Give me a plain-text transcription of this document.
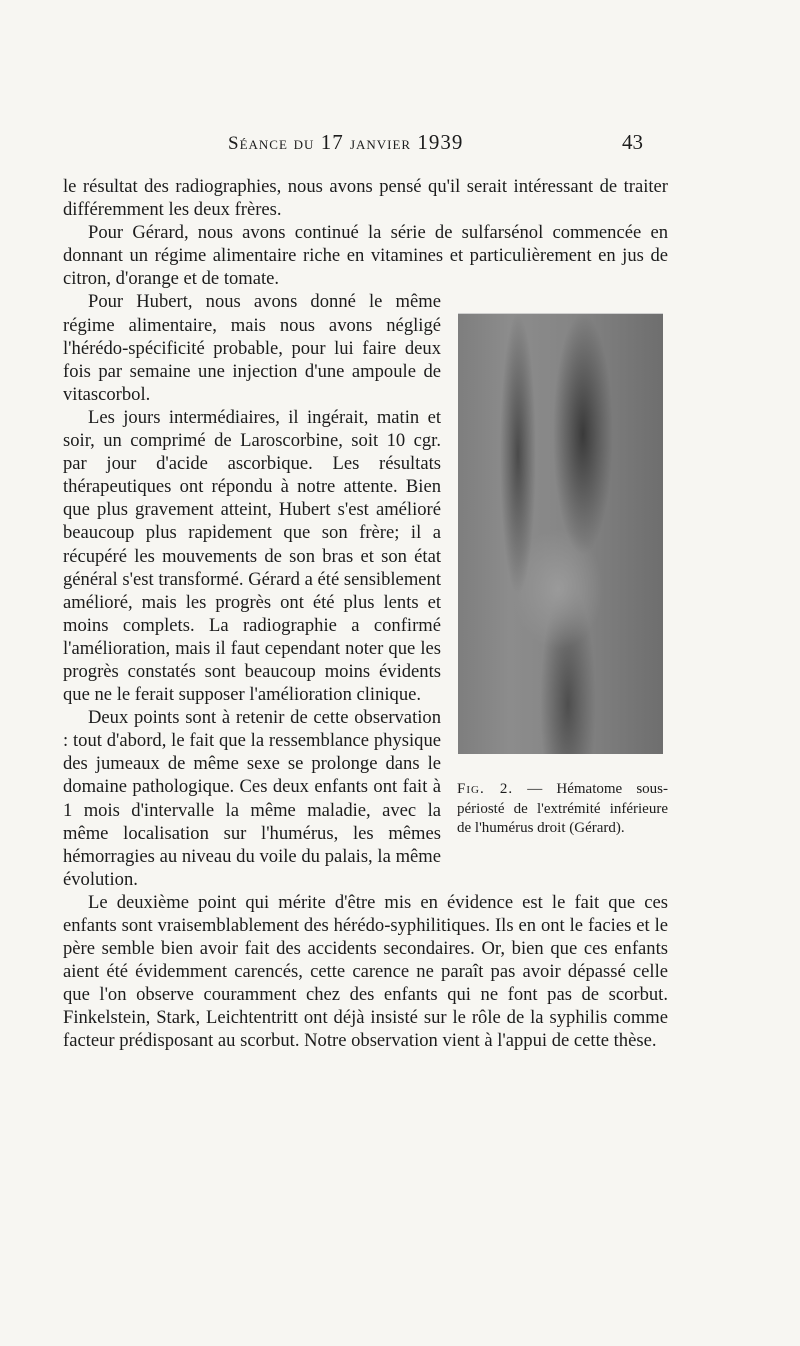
Séance du 17 janvier 1939	43

le résultat des radiographies, nous avons pensé qu'il serait intéressant de traiter différemment les deux frères.

Pour Gérard, nous avons continué la série de sulfarsénol commencée en donnant un régime alimentaire riche en vitamines et particulièrement en jus de citron, d'orange et de tomate.

Fig. 2. — Hématome sous-périosté de l'extrémité inférieure de l'humérus droit (Gérard).

Pour Hubert, nous avons donné le même régime alimentaire, mais nous avons négligé l'hérédo-spécificité probable, pour lui faire deux fois par semaine une injection d'une ampoule de vitascorbol.

Les jours intermédiaires, il ingérait, matin et soir, un comprimé de Laroscorbine, soit 10 cgr. par jour d'acide ascorbique. Les résultats thérapeutiques ont répondu à notre attente. Bien que plus gravement atteint, Hubert s'est amélioré beaucoup plus rapidement que son frère; il a récupéré les mouvements de son bras et son état général s'est transformé. Gérard a été sensiblement amélioré, mais les progrès ont été plus lents et moins complets. La radiographie a confirmé l'amélioration, mais il faut cependant noter que les progrès constatés sont beaucoup moins évidents que ne le ferait supposer l'amélioration clinique.

Deux points sont à retenir de cette observation : tout d'abord, le fait que la ressemblance physique des jumeaux de même sexe se prolonge dans le domaine pathologique. Ces deux enfants ont fait à 1 mois d'intervalle la même maladie, avec la même localisation sur l'humérus, les mêmes hémorragies au niveau du voile du palais, la même évolution.

Le deuxième point qui mérite d'être mis en évidence est le fait que ces enfants sont vraisemblablement des hérédo-syphilitiques. Ils en ont le facies et le père semble bien avoir fait des accidents secondaires. Or, bien que ces enfants aient été évidemment carencés, cette carence ne paraît pas avoir dépassé celle que l'on observe couramment chez des enfants qui ne font pas de scorbut. Finkelstein, Stark, Leichtentritt ont déjà insisté sur le rôle de la syphilis comme facteur prédisposant au scorbut. Notre observation vient à l'appui de cette thèse.
